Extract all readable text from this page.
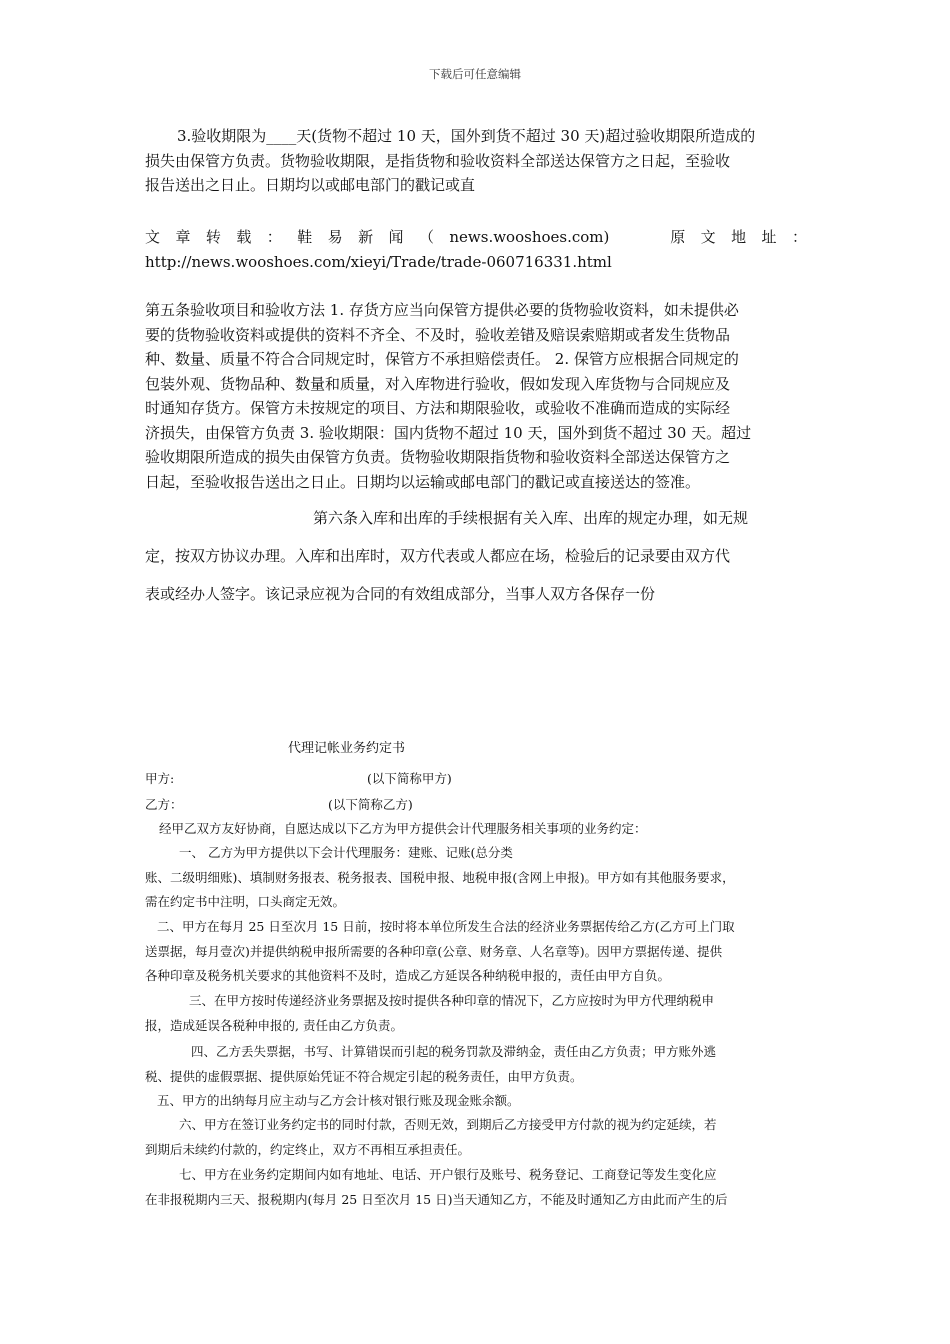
下载后可任意编辑
3.验收期限为____天(货物不超过 10 天，国外到货不超过 30 天)超过验收期限所造成的
损失由保管方负责。货物验收期限，是指货物和验收资料全部送达保管方之日起，至验收
报告送出之日止。日期均以或邮电部门的戳记或直
文 章 转 载 ： 鞋 易 新 闻 （ news.wooshoes.com)	原 文 地 址 ：
http://news.wooshoes.com/xieyi/Trade/trade-060716331.html
第五条验收项目和验收方法 1. 存货方应当向保管方提供必要的货物验收资料，如未提供必
要的货物验收资料或提供的资料不齐全、不及时，验收差错及赔误索赔期或者发生货物品
种、数量、质量不符合合同规定时，保管方不承担赔偿责任。 2. 保管方应根据合同规定的
包装外观、货物品种、数量和质量，对入库物进行验收，假如发现入库货物与合同规应及
时通知存货方。保管方未按规定的项目、方法和期限验收，或验收不准确而造成的实际经
济损失，由保管方负责 3. 验收期限：国内货物不超过 10 天，国外到货不超过 30 天。超过
验收期限所造成的损失由保管方负责。货物验收期限指货物和验收资料全部送达保管方之
日起，至验收报告送出之日止。日期均以运输或邮电部门的戳记或直接送达的签准。
第六条入库和出库的手续根据有关入库、出库的规定办理，如无规
定，按双方协议办理。入库和出库时，双方代表或人都应在场，检验后的记录要由双方代
表或经办人签字。该记录应视为合同的有效组成部分，当事人双方各保存一份
代理记帐业务约定书
甲方:	(以下简称甲方)
乙方：	(以下简称乙方)
经甲乙双方友好协商，自愿达成以下乙方为甲方提供会计代理服务相关事项的业务约定：
一、 乙方为甲方提供以下会计代理服务：建账、记账(总分类
账、二级明细账)、填制财务报表、税务报表、国税申报、地税申报(含网上申报)。甲方如有其他服务要求，
需在约定书中注明，口头商定无效。
二、甲方在每月 25 日至次月 15 日前，按时将本单位所发生合法的经济业务票据传给乙方(乙方可上门取
送票据，每月壹次)并提供纳税申报所需要的各种印章(公章、财务章、人名章等)。因甲方票据传递、提供
各种印章及税务机关要求的其他资料不及时，造成乙方延误各种纳税申报的，责任由甲方自负。
三、在甲方按时传递经济业务票据及按时提供各种印章的情况下，乙方应按时为甲方代理纳税申
报，造成延误各税种申报的, 责任由乙方负责。
四、乙方丢失票据，书写、计算错误而引起的税务罚款及滞纳金，责任由乙方负责；甲方账外逃
税、提供的虚假票据、提供原始凭证不符合规定引起的税务责任，由甲方负责。
五、甲方的出纳每月应主动与乙方会计核对银行账及现金账余额。
六、甲方在签订业务约定书的同时付款，否则无效，到期后乙方接受甲方付款的视为约定延续，若
到期后未续约付款的，约定终止，双方不再相互承担责任。
七、甲方在业务约定期间内如有地址、电话、开户银行及账号、税务登记、工商登记等发生变化应
在非报税期内三天、报税期内(每月 25 日至次月 15 日)当天通知乙方，不能及时通知乙方由此而产生的后
